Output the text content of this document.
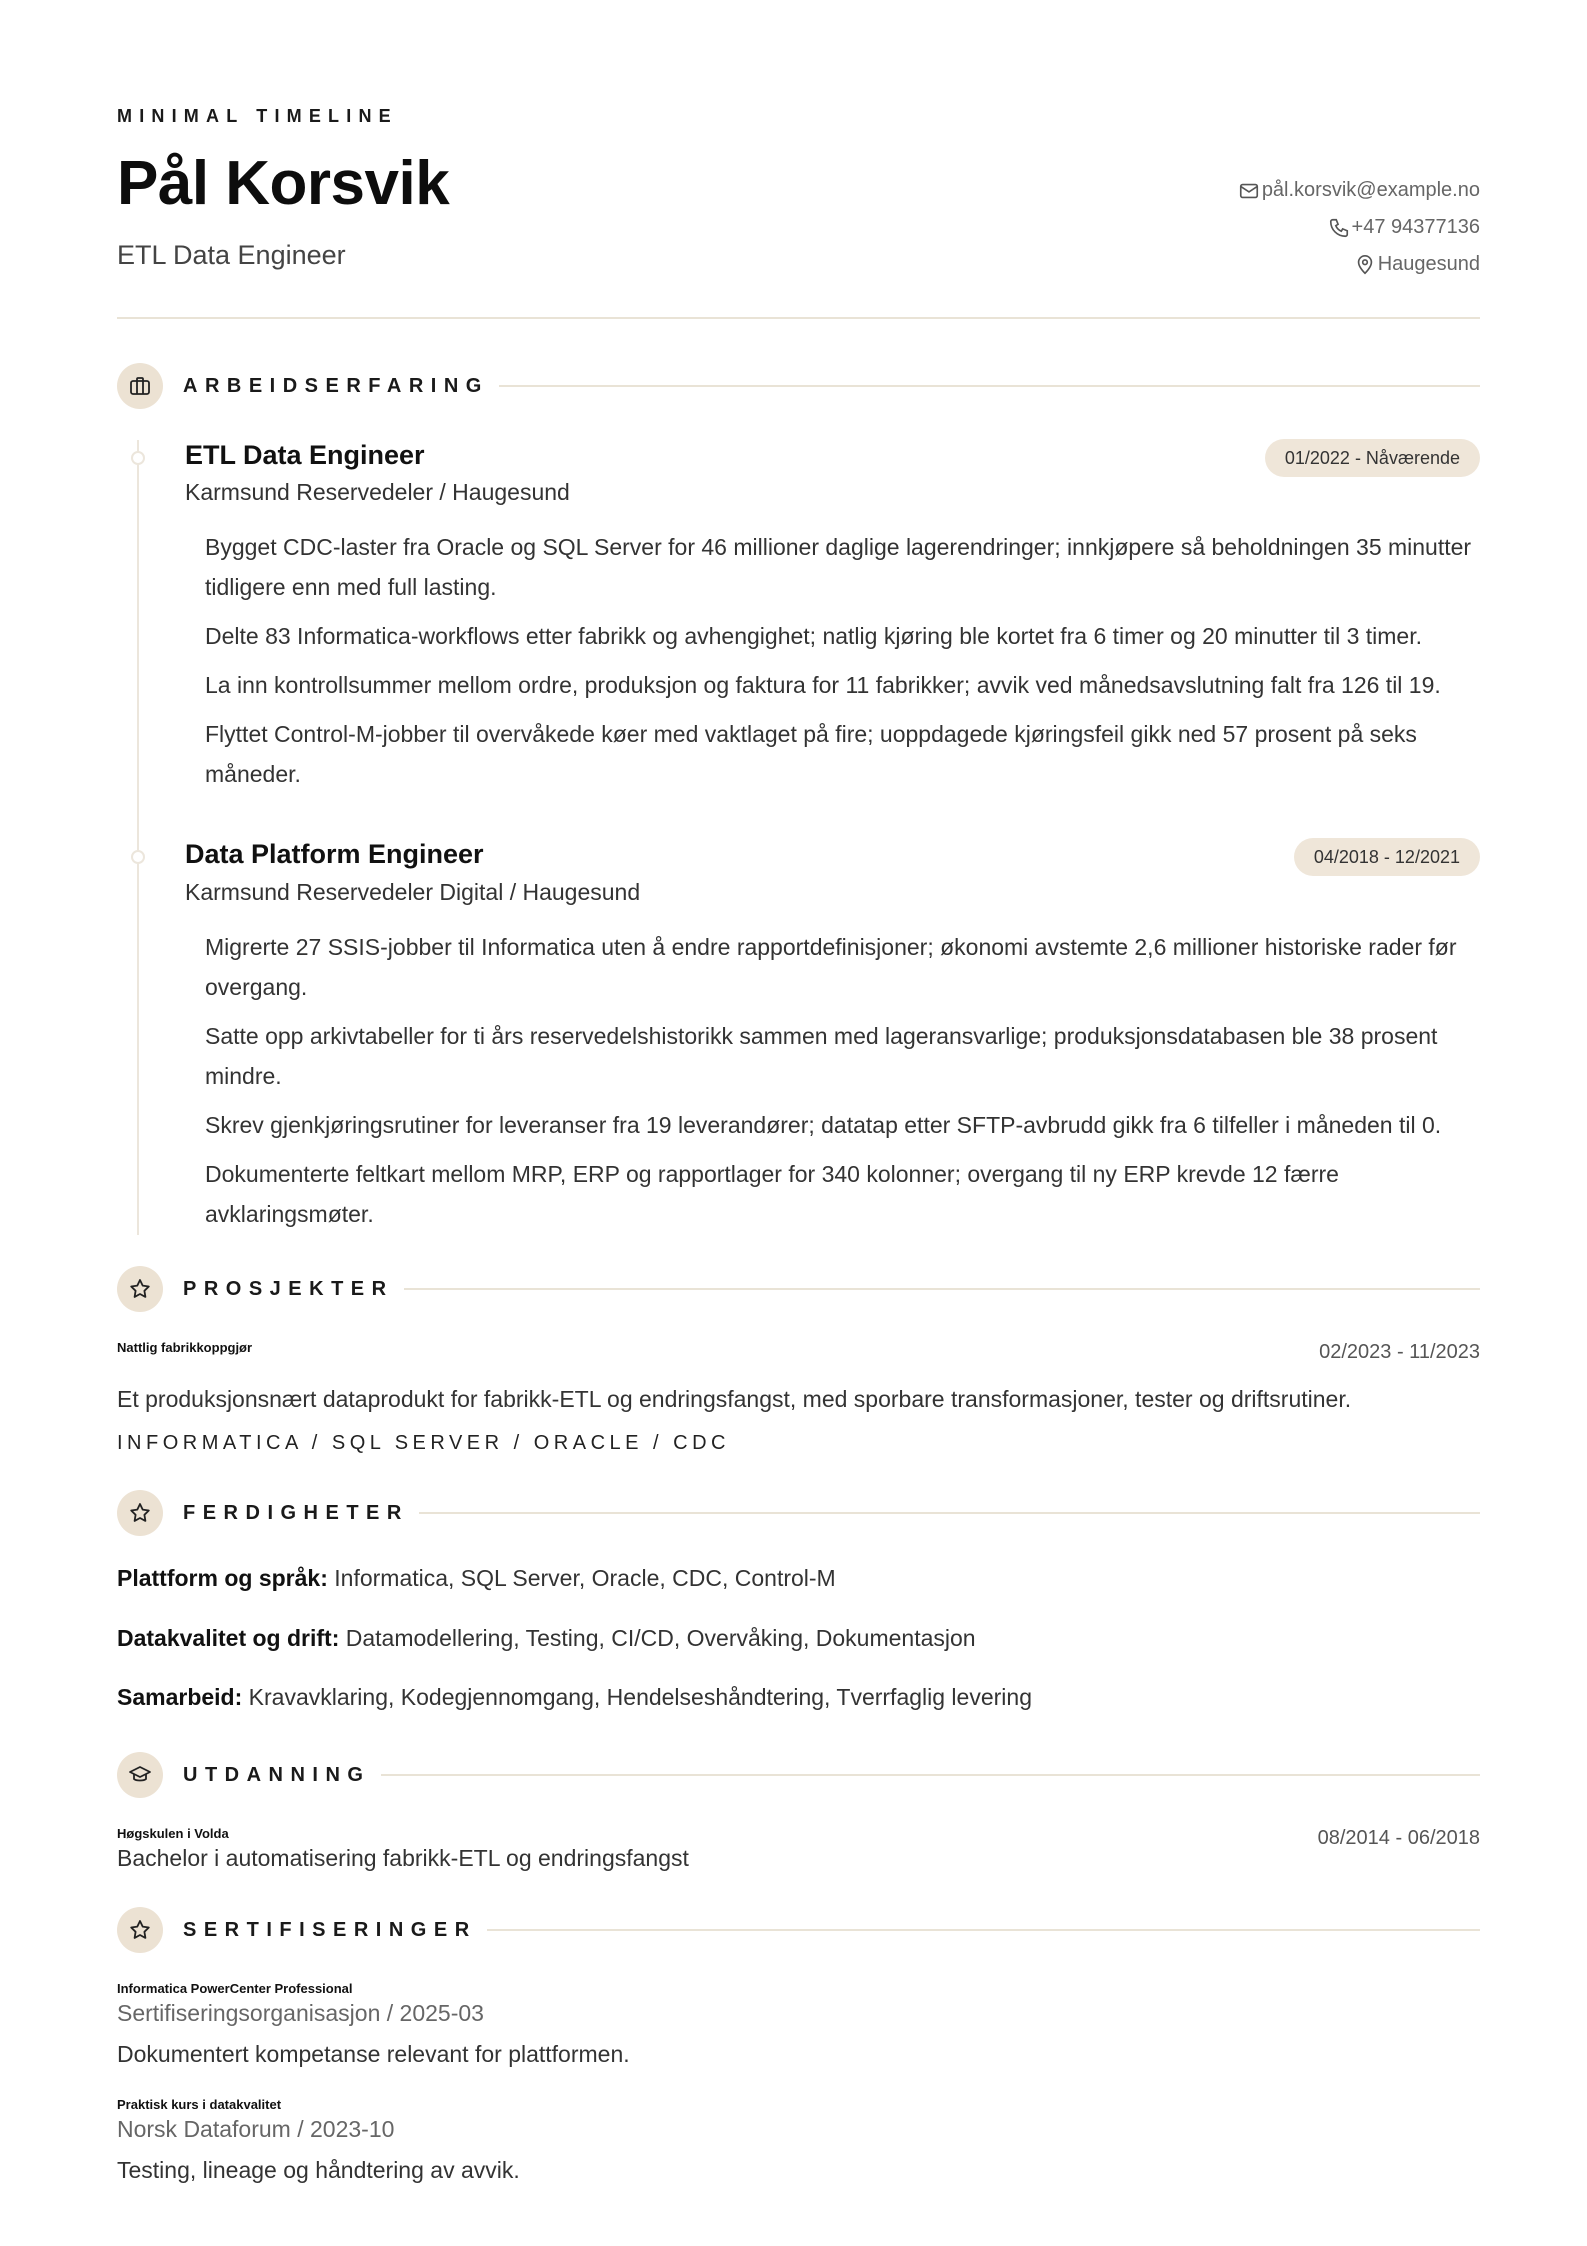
MINIMAL TIMELINE
Pål Korsvik
ETL Data Engineer
pål.korsvik@example.no
+47 94377136
Haugesund
ARBEIDSERFARING
ETL Data Engineer
Karmsund Reservedeler / Haugesund
01/2022 - Nåværende
Bygget CDC-laster fra Oracle og SQL Server for 46 millioner daglige lagerendringer; innkjøpere så beholdningen 35 minutter tidligere enn med full lasting.
Delte 83 Informatica-workflows etter fabrikk og avhengighet; natlig kjøring ble kortet fra 6 timer og 20 minutter til 3 timer.
La inn kontrollsummer mellom ordre, produksjon og faktura for 11 fabrikker; avvik ved månedsavslutning falt fra 126 til 19.
Flyttet Control-M-jobber til overvåkede køer med vaktlaget på fire; uoppdagede kjøringsfeil gikk ned 57 prosent på seks måneder.
Data Platform Engineer
Karmsund Reservedeler Digital / Haugesund
04/2018 - 12/2021
Migrerte 27 SSIS-jobber til Informatica uten å endre rapportdefinisjoner; økonomi avstemte 2,6 millioner historiske rader før overgang.
Satte opp arkivtabeller for ti års reservedelshistorikk sammen med lageransvarlige; produksjonsdatabasen ble 38 prosent mindre.
Skrev gjenkjøringsrutiner for leveranser fra 19 leverandører; datatap etter SFTP-avbrudd gikk fra 6 tilfeller i måneden til 0.
Dokumenterte feltkart mellom MRP, ERP og rapportlager for 340 kolonner; overgang til ny ERP krevde 12 færre avklaringsmøter.
PROSJEKTER
Nattlig fabrikkoppgjør	02/2023 - 11/2023
Et produksjonsnært dataprodukt for fabrikk-ETL og endringsfangst, med sporbare transformasjoner, tester og driftsrutiner.
INFORMATICA / SQL SERVER / ORACLE / CDC
FERDIGHETER
Plattform og språk: Informatica, SQL Server, Oracle, CDC, Control-M
Datakvalitet og drift: Datamodellering, Testing, CI/CD, Overvåking, Dokumentasjon
Samarbeid: Kravavklaring, Kodegjennomgang, Hendelseshåndtering, Tverrfaglig levering
UTDANNING
Høgskulen i Volda
Bachelor i automatisering fabrikk-ETL og endringsfangst
08/2014 - 06/2018
SERTIFISERINGER
Informatica PowerCenter Professional
Sertifiseringsorganisasjon / 2025-03
Dokumentert kompetanse relevant for plattformen.
Praktisk kurs i datakvalitet
Norsk Dataforum / 2023-10
Testing, lineage og håndtering av avvik.
